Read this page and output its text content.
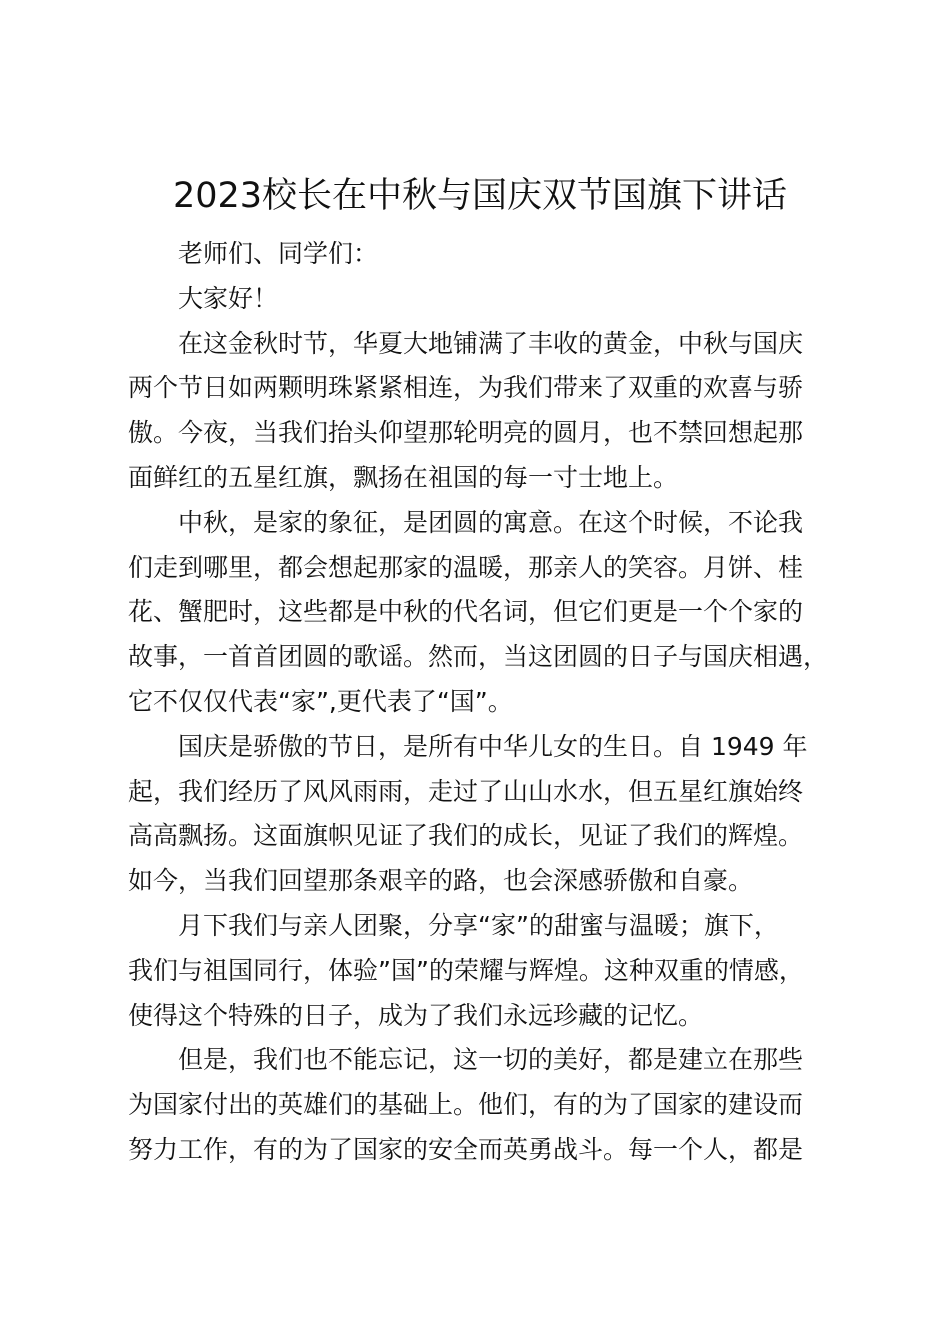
2023校长在中秋与国庆双节国旗下讲话

老师们、同学们：

大家好！

在这金秋时节，华夏大地铺满了丰收的黄金，中秋与国庆

两个节日如两颗明珠紧紧相连，为我们带来了双重的欢喜与骄

傲。今夜，当我们抬头仰望那轮明亮的圆月，也不禁回想起那

面鲜红的五星红旗，飘扬在祖国的每一寸士地上。

中秋，是家的象征，是团圆的寓意。在这个时候，不论我

们走到哪里，都会想起那家的温暖，那亲人的笑容。月饼、桂

花、蟹肥时，这些都是中秋的代名词，但它们更是一个个家的

故事，一首首团圆的歌谣。然而，当这团圆的日子与国庆相遇，

它不仅仅代表“家”,更代表了“国”。

国庆是骄傲的节日，是所有中华儿女的生日。自 1949 年

起，我们经历了风风雨雨，走过了山山水水，但五星红旗始终

高高飘扬。这面旗帜见证了我们的成长，见证了我们的辉煌。

如今，当我们回望那条艰辛的路，也会深感骄傲和自豪。

月下我们与亲人团聚，分享“家”的甜蜜与温暖；旗下，

我们与祖国同行，体验”国”的荣耀与辉煌。这种双重的情感，

使得这个特殊的日子，成为了我们永远珍藏的记忆。

但是，我们也不能忘记，这一切的美好，都是建立在那些

为国家付出的英雄们的基础上。他们，有的为了国家的建设而

努力工作，有的为了国家的安全而英勇战斗。每一个人，都是
